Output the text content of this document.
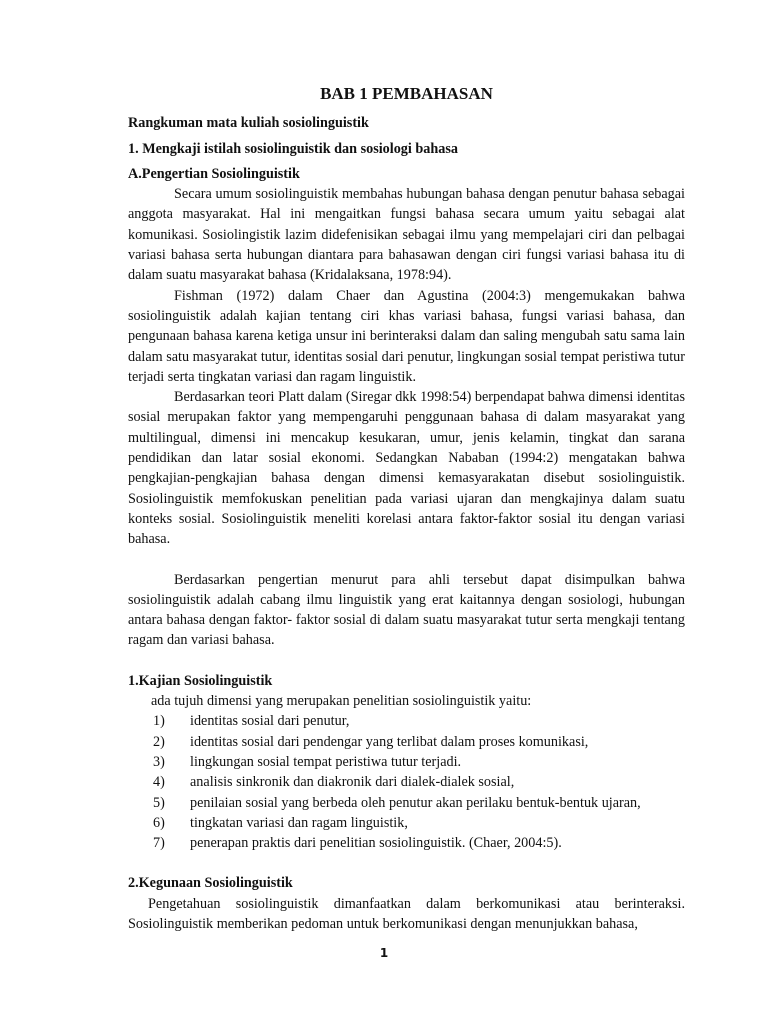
BAB 1 PEMBAHASAN
Rangkuman mata kuliah sosiolinguistik
1. Mengkaji istilah sosiolinguistik dan sosiologi bahasa
A.Pengertian Sosiolinguistik

Secara umum sosiolinguistik membahas hubungan bahasa dengan penutur bahasa sebagai anggota masyarakat. Hal ini mengaitkan fungsi bahasa secara umum yaitu sebagai alat komunikasi. Sosiolingistik lazim didefenisikan sebagai ilmu yang mempelajari ciri dan pelbagai variasi bahasa serta hubungan diantara para bahasawan dengan ciri fungsi variasi bahasa itu di dalam suatu masyarakat bahasa (Kridalaksana, 1978:94).

Fishman (1972) dalam Chaer dan Agustina (2004:3) mengemukakan bahwa sosiolinguistik adalah kajian tentang ciri khas variasi bahasa, fungsi variasi bahasa, dan pengunaan bahasa karena ketiga unsur ini berinteraksi dalam dan saling mengubah satu sama lain dalam satu masyarakat tutur, identitas sosial dari penutur, lingkungan sosial tempat peristiwa tutur terjadi serta tingkatan variasi dan ragam linguistik.

Berdasarkan teori Platt dalam (Siregar dkk 1998:54) berpendapat bahwa dimensi identitas sosial merupakan faktor yang mempengaruhi penggunaan bahasa di dalam masyarakat yang multilingual, dimensi ini mencakup kesukaran, umur, jenis kelamin, tingkat dan sarana pendidikan dan latar sosial ekonomi. Sedangkan Nababan (1994:2) mengatakan bahwa pengkajian-pengkajian bahasa dengan dimensi kemasyarakatan disebut sosiolinguistik. Sosiolinguistik memfokuskan penelitian pada variasi ujaran dan mengkajinya dalam suatu konteks sosial. Sosiolinguistik meneliti korelasi antara faktor-faktor sosial itu dengan variasi bahasa.

Berdasarkan pengertian menurut para ahli tersebut dapat disimpulkan bahwa sosiolinguistik adalah cabang ilmu linguistik yang erat kaitannya dengan sosiologi, hubungan antara bahasa dengan faktor- faktor sosial di dalam suatu masyarakat tutur serta mengkaji tentang ragam dan variasi bahasa.

1.Kajian Sosiolinguistik
ada tujuh dimensi yang merupakan penelitian sosiolinguistik yaitu:
1)	identitas sosial dari penutur,
2)	identitas sosial dari pendengar yang terlibat dalam proses komunikasi,
3)	lingkungan sosial tempat peristiwa tutur terjadi.
4)	analisis sinkronik dan diakronik dari dialek-dialek sosial,
5)	penilaian sosial yang berbeda oleh penutur akan perilaku bentuk-bentuk ujaran,
6)	tingkatan variasi dan ragam linguistik,
7)	penerapan praktis dari penelitian sosiolinguistik. (Chaer, 2004:5).
2.Kegunaan Sosiolinguistik

Pengetahuan sosiolinguistik dimanfaatkan dalam berkomunikasi atau berinteraksi. Sosiolinguistik memberikan pedoman untuk berkomunikasi dengan menunjukkan bahasa,

1
